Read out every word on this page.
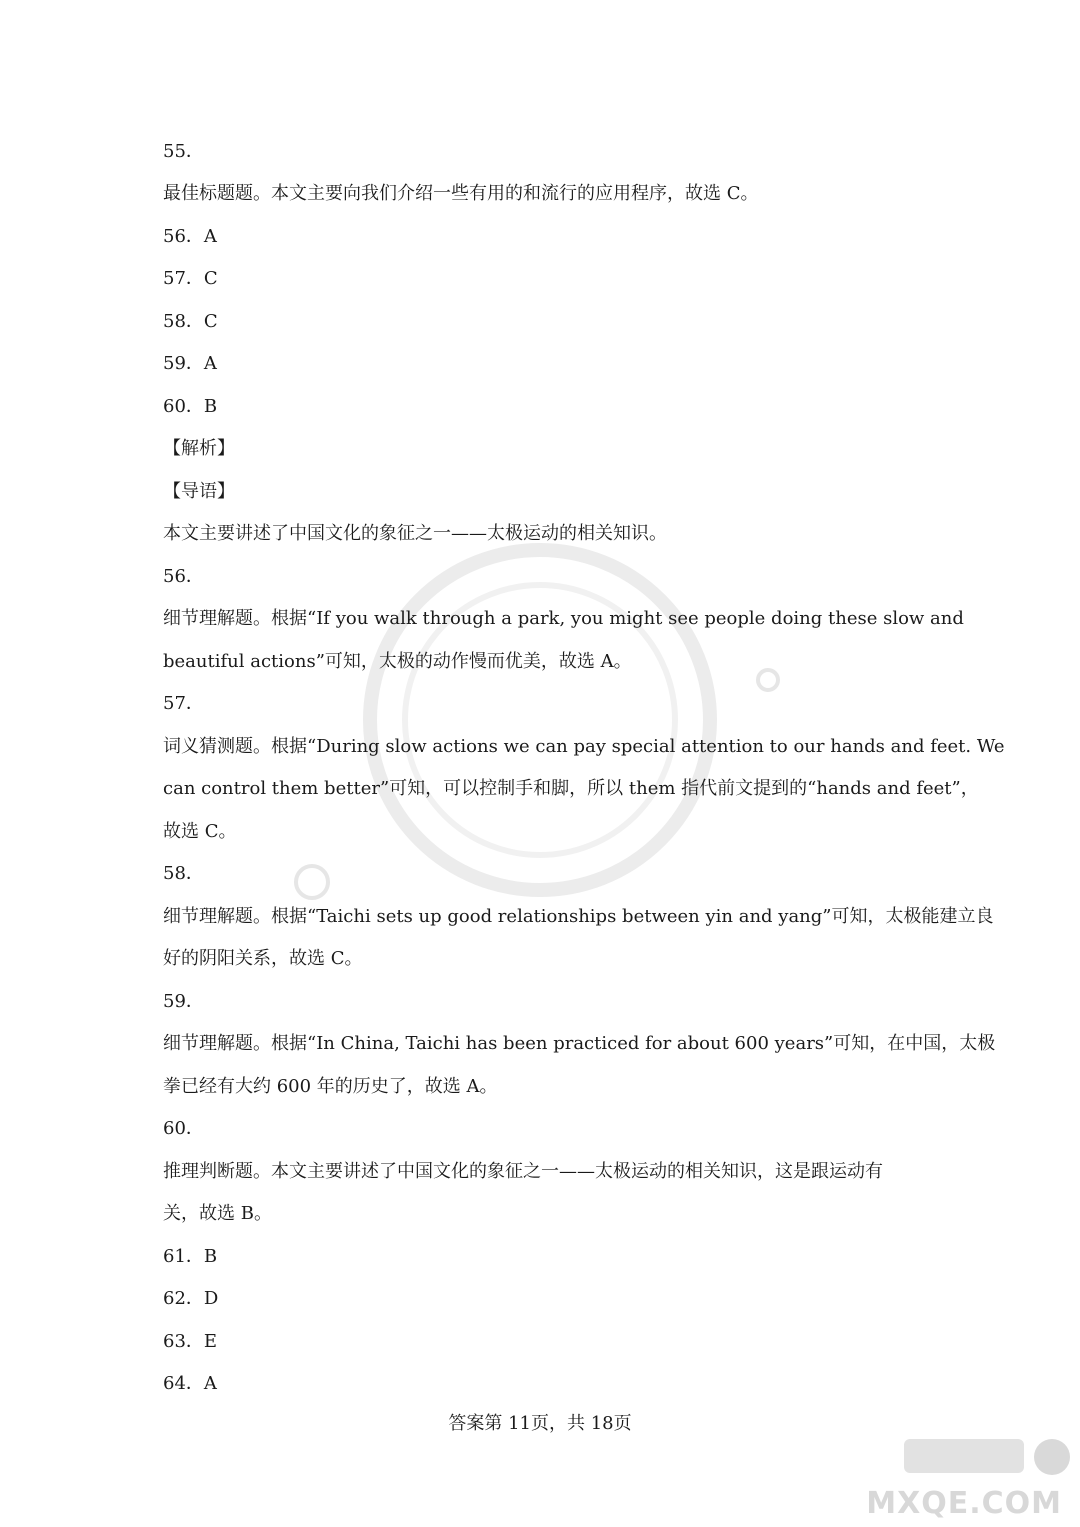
55．
最佳标题题。本文主要向我们介绍一些有用的和流行的应用程序，故选 C。
56．A
57．C
58．C
59．A
60．B
【解析】
【导语】
本文主要讲述了中国文化的象征之一——太极运动的相关知识。
56．
细节理解题。根据“If you walk through a park, you might see people doing these slow and
beautiful actions”可知，太极的动作慢而优美，故选 A。
57．
词义猜测题。根据“During slow actions we can pay special attention to our hands and feet. We
can control them better”可知，可以控制手和脚，所以 them 指代前文提到的“hands and feet”，
故选 C。
58．
细节理解题。根据“Taichi sets up good relationships between yin and yang”可知，太极能建立良
好的阴阳关系，故选 C。
59．
细节理解题。根据“In China, Taichi has been practiced for about 600 years”可知，在中国，太极
拳已经有大约 600 年的历史了，故选 A。
60．
推理判断题。本文主要讲述了中国文化的象征之一——太极运动的相关知识，这是跟运动有
关，故选 B。
61．B
62．D
63．E
64．A
答案第 11页，共 18页
MXQE.COM
